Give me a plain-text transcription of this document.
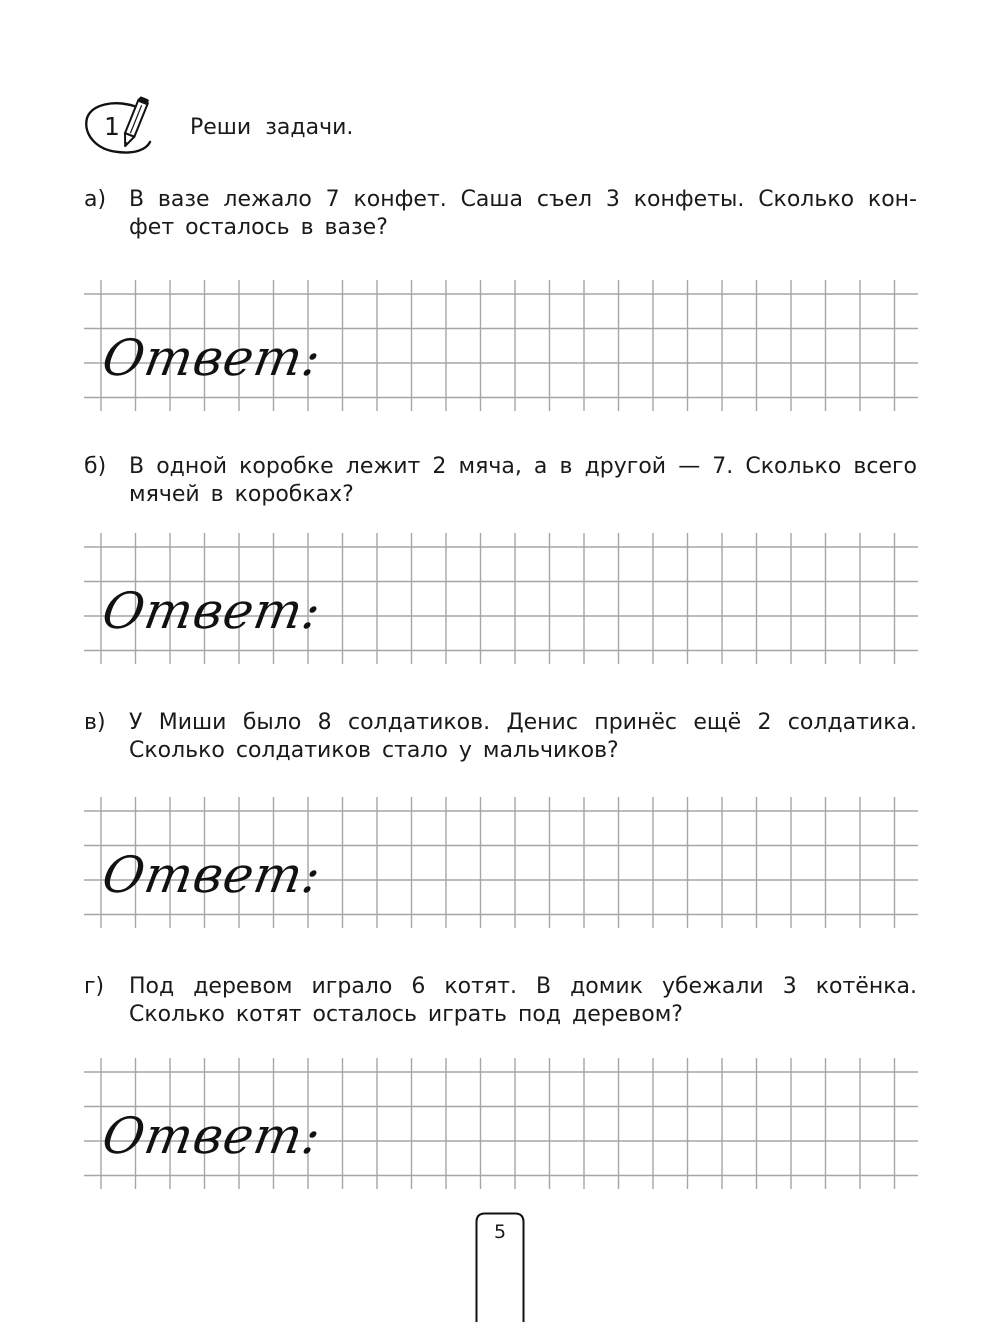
1	Реши задачи.
а) В вазе лежало 7 конфет. Саша съел 3 конфеты. Сколько конфет осталось в вазе?
Ответ:
б) В одной коробке лежит 2 мяча, а в другой — 7. Сколько всего мячей в коробках?
Ответ:
в) У Миши было 8 солдатиков. Денис принёс ещё 2 солдатика. Сколько солдатиков стало у мальчиков?
Ответ:
г) Под деревом играло 6 котят. В домик убежали 3 котёнка. Сколько котят осталось играть под деревом?
Ответ:
5
